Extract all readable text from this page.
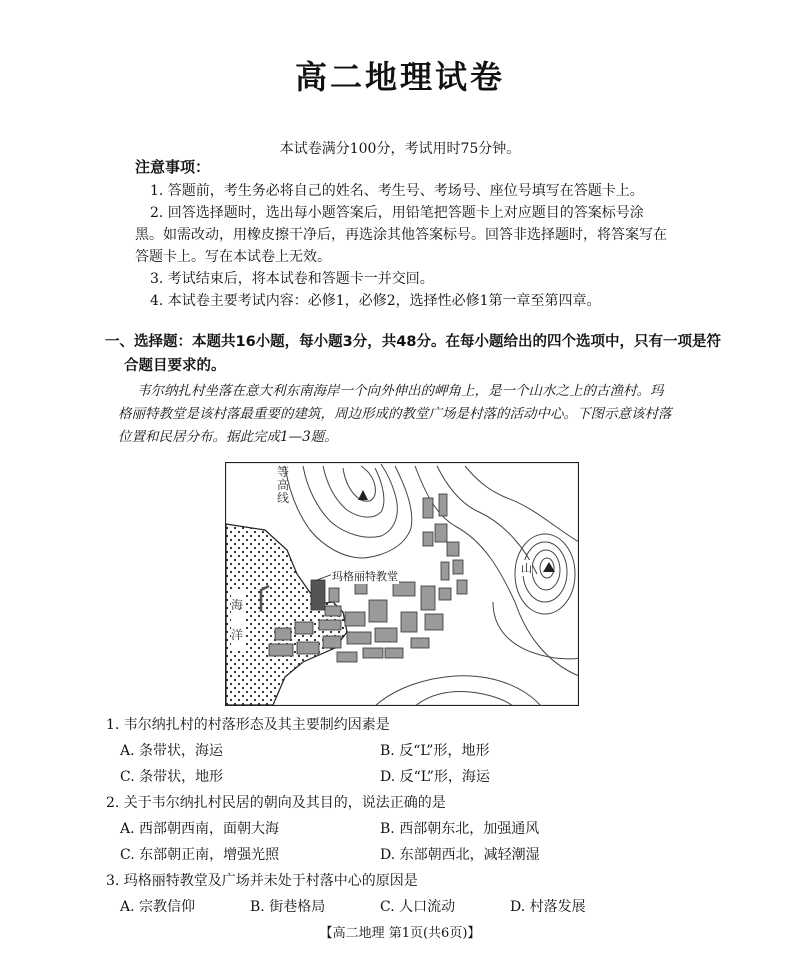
高二地理试卷
本试卷满分100分，考试用时75分钟。
注意事项：
1. 答题前，考生务必将自己的姓名、考生号、考场号、座位号填写在答题卡上。
2. 回答选择题时，选出每小题答案后，用铅笔把答题卡上对应题目的答案标号涂
黑。如需改动，用橡皮擦干净后，再选涂其他答案标号。回答非选择题时，将答案写在
答题卡上。写在本试卷上无效。
3. 考试结束后，将本试卷和答题卡一并交回。
4. 本试卷主要考试内容：必修1，必修2，选择性必修1第一章至第四章。
一、选择题：本题共16小题，每小题3分，共48分。在每小题给出的四个选项中，只有一项是符
合题目要求的。
韦尔纳扎村坐落在意大利东南海岸一个向外伸出的岬角上，是一个山水之上的古渔村。玛
格丽特教堂是该村落最重要的建筑，周边形成的教堂广场是村落的活动中心。下图示意该村落
位置和民居分布。据此完成1—3题。
等
高
线
海
洋
玛格丽特教堂
山
1. 韦尔纳扎村的村落形态及其主要制约因素是
A. 条带状，海运	B. 反“L”形，地形
C. 条带状，地形	D. 反“L”形，海运
2. 关于韦尔纳扎村民居的朝向及其目的，说法正确的是
A. 西部朝西南，面朝大海	B. 西部朝东北，加强通风
C. 东部朝正南，增强光照	D. 东部朝西北，减轻潮湿
3. 玛格丽特教堂及广场并未处于村落中心的原因是
A. 宗教信仰	B. 街巷格局	C. 人口流动	D. 村落发展
【高二地理 第1页(共6页)】
